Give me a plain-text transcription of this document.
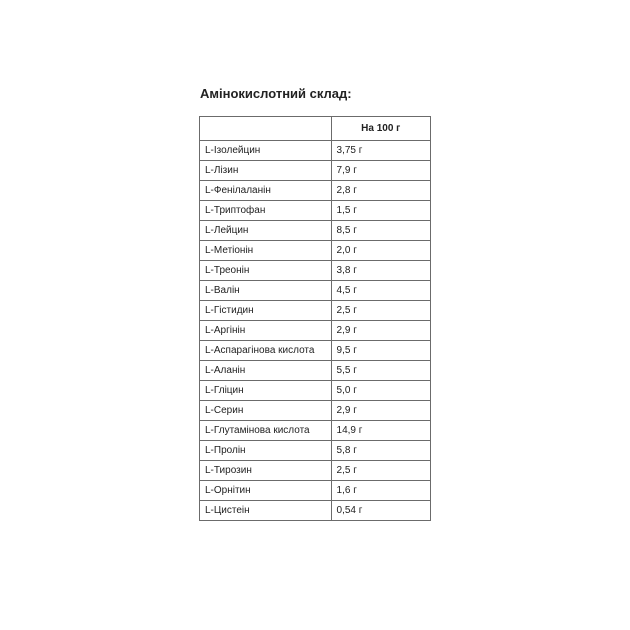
Амінокислотний склад:
	На 100 г
L-Ізолейцин	3,75 г
L-Лізин	7,9 г
L-Фенілаланін	2,8 г
L-Триптофан	1,5 г
L-Лейцин	8,5 г
L-Метіонін	2,0 г
L-Треонін	3,8 г
L-Валін	4,5 г
L-Гістидин	2,5 г
L-Аргінін	2,9 г
L-Аспарагінова кислота	9,5 г
L-Аланін	5,5 г
L-Гліцин	5,0 г
L-Серин	2,9 г
L-Глутамінова кислота	14,9 г
L-Пролін	5,8 г
L-Тирозин	2,5 г
L-Орнітин	1,6 г
L-Цистеін	0,54 г
